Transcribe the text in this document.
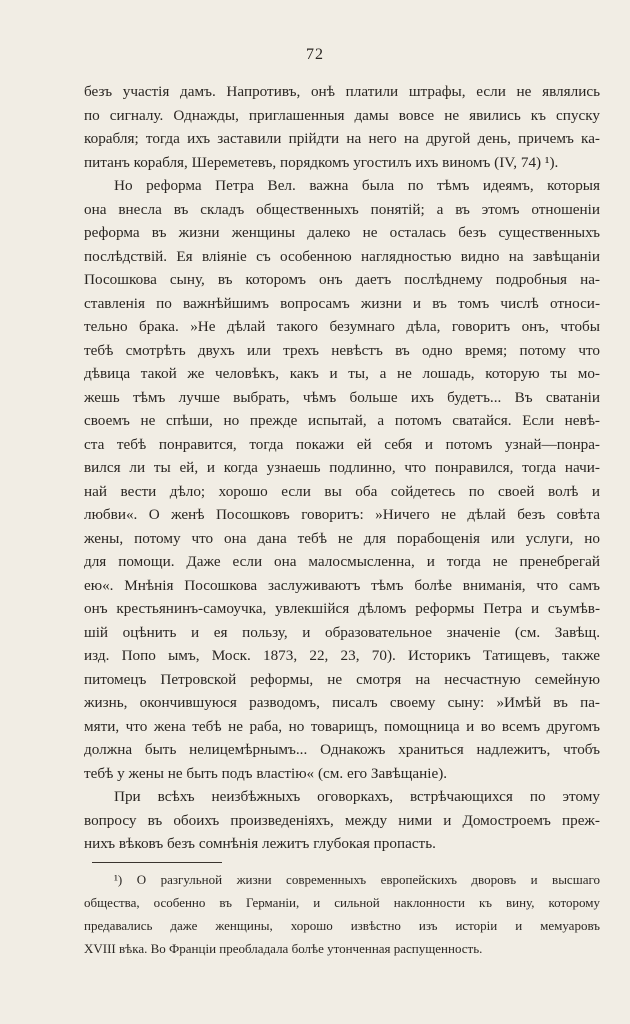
72
безъ участія дамъ. Напротивъ, онѣ платили штрафы, если не являлись
по сигналу. Однажды, приглашенныя дамы вовсе не явились къ спуску
корабля; тогда ихъ заставили прійдти на него на другой день, причемъ ка-
питанъ корабля, Шереметевъ, порядкомъ угостилъ ихъ виномъ (IV, 74) ¹).
Но реформа Петра Вел. важна была по тѣмъ идеямъ, которыя
она внесла въ складъ общественныхъ понятій; а въ этомъ отношеніи
реформа въ жизни женщины далеко не осталась безъ существенныхъ
послѣдствій. Ея вліяніе съ особенною наглядностью видно на завѣщаніи
Посошкова сыну, въ которомъ онъ даетъ послѣднему подробныя на-
ставленія по важнѣйшимъ вопросамъ жизни и въ томъ числѣ относи-
тельно брака. »Не дѣлай такого безумнаго дѣла, говоритъ онъ, чтобы
тебѣ смотрѣть двухъ или трехъ невѣстъ въ одно время; потому что
дѣвица такой же человѣкъ, какъ и ты, а не лошадь, которую ты мо-
жешь тѣмъ лучше выбрать, чѣмъ больше ихъ будетъ... Въ сватаніи
своемъ не спѣши, но прежде испытай, а потомъ сватайся. Если невѣ-
ста тебѣ понравится, тогда покажи ей себя и потомъ узнай—понра-
вился ли ты ей, и когда узнаешь подлинно, что понравился, тогда начи-
най вести дѣло; хорошо если вы оба сойдетесь по своей волѣ и
любви«. О женѣ Посошковъ говоритъ: »Ничего не дѣлай безъ совѣта
жены, потому что она дана тебѣ не для порабощенія или услуги, но
для помощи. Даже если она малосмысленна, и тогда не пренебрегай
ею«. Мнѣнія Посошкова заслуживаютъ тѣмъ болѣе вниманія, что самъ
онъ крестьянинъ-самоучка, увлекшійся дѣломъ реформы Петра и съумѣв-
шій оцѣнить и ея пользу, и образовательное значеніе (см. Завѣщ.
изд. Попо ымъ, Моск. 1873, 22, 23, 70). Историкъ Татищевъ, также
питомецъ Петровской реформы, не смотря на несчастную семейную
жизнь, окончившуюся разводомъ, писалъ своему сыну: »Имѣй въ па-
мяти, что жена тебѣ не раба, но товарищъ, помощница и во всемъ другомъ
должна быть нелицемѣрнымъ... Однакожъ храниться надлежитъ, чтобъ
тебѣ у жены не быть подъ властію« (см. его Завѣщаніе).
При всѣхъ неизбѣжныхъ оговоркахъ, встрѣчающихся по этому
вопросу въ обоихъ произведеніяхъ, между ними и Домостроемъ преж-
нихъ вѣковъ безъ сомнѣнія лежитъ глубокая пропасть.
¹) О разгульной жизни современныхъ европейскихъ дворовъ и высшаго
общества, особенно въ Германіи, и сильной наклонности къ вину, которому
предавались даже женщины, хорошо извѣстно изъ исторіи и мемуаровъ
XVIII вѣка. Во Франціи преобладала болѣе утонченная распущенность.
